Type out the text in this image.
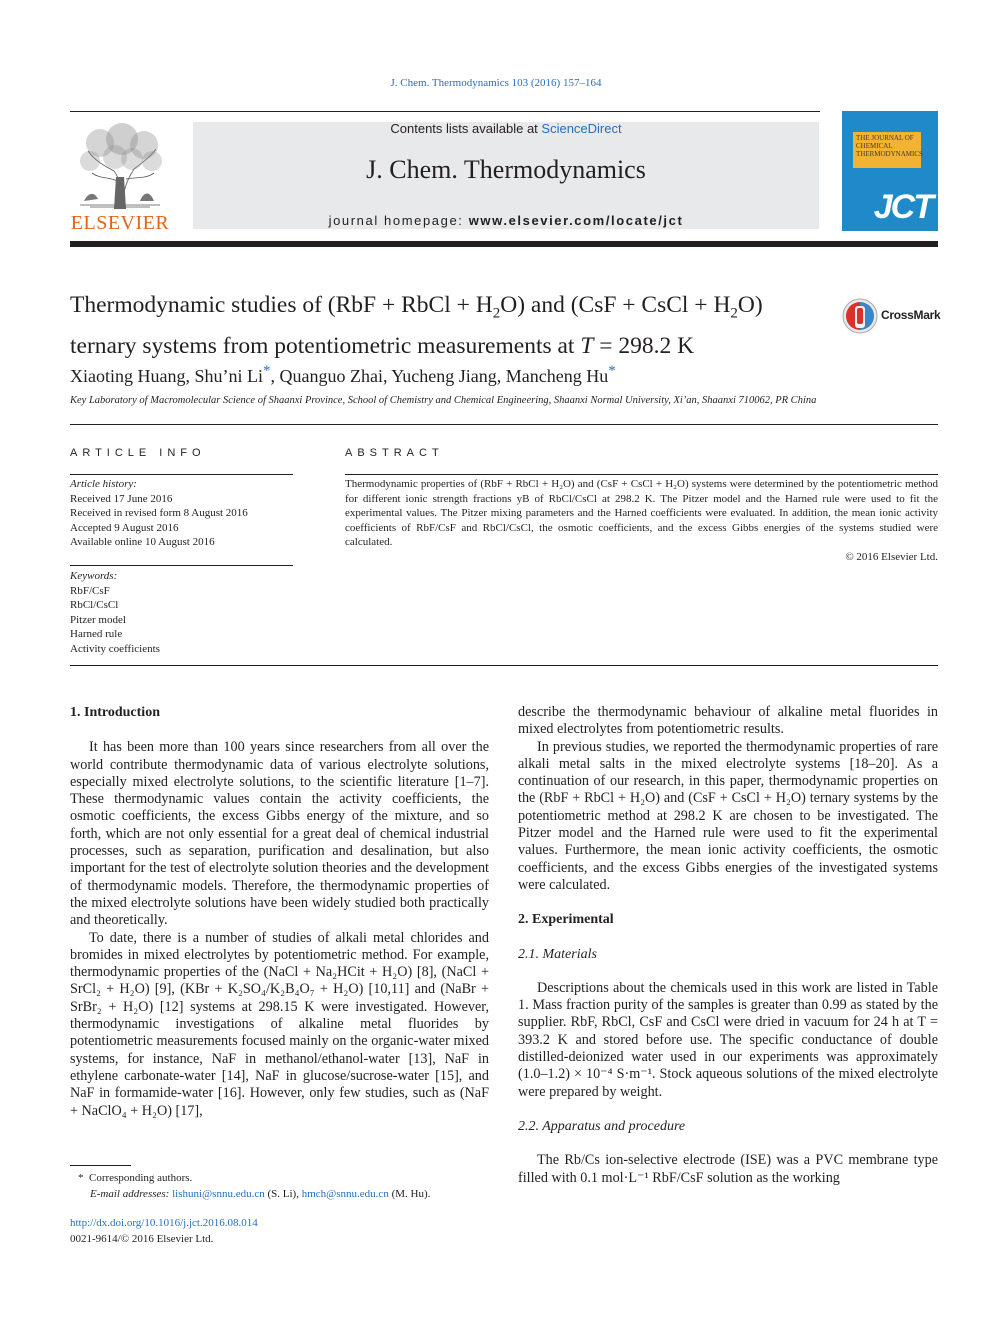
J. Chem. Thermodynamics 103 (2016) 157–164
Contents lists available at ScienceDirect
J. Chem. Thermodynamics
journal homepage: www.elsevier.com/locate/jct
ELSEVIER
THE JOURNAL OF CHEMICAL THERMODYNAMICS
JCT
Thermodynamic studies of (RbF + RbCl + $H_2O$) and (CsF + CsCl + $H_2O$)
ternary systems from potentiometric measurements at T = 298.2 K
CrossMark
Xiaoting Huang, Shu’ni Li*, Quanguo Zhai, Yucheng Jiang, Mancheng Hu*
Key Laboratory of Macromolecular Science of Shaanxi Province, School of Chemistry and Chemical Engineering, Shaanxi Normal University, Xi’an, Shaanxi 710062, PR China
ARTICLE INFO	ABSTRACT
Article history:
Received 17 June 2016
Received in revised form 8 August 2016
Accepted 9 August 2016
Available online 10 August 2016
Keywords:
RbF/CsF
RbCl/CsCl
Pitzer model
Harned rule
Activity coefficients
Thermodynamic properties of (RbF + RbCl + H₂O) and (CsF + CsCl + H₂O) systems were determined by the potentiometric method for different ionic strength fractions yB of RbCl/CsCl at 298.2 K. The Pitzer model and the Harned rule were used to fit the experimental values. The Pitzer mixing parameters and the Harned coefficients were evaluated. In addition, the mean ionic activity coefficients of RbF/CsF and RbCl/CsCl, the osmotic coefficients, and the excess Gibbs energies of the systems studied were calculated.
© 2016 Elsevier Ltd.
1. Introduction

It has been more than 100 years since researchers from all over the world contribute thermodynamic data of various electrolyte solutions, especially mixed electrolyte solutions, to the scientific literature [1–7]. These thermodynamic values contain the activity coefficients, the osmotic coefficients, the excess Gibbs energy of the mixture, and so forth, which are not only essential for a great deal of chemical industrial processes, such as separation, purification and desalination, but also important for the test of electrolyte solution theories and the development of thermodynamic models. Therefore, the thermodynamic properties of the mixed electrolyte solutions have been widely studied both practically and theoretically.

To date, there is a number of studies of alkali metal chlorides and bromides in mixed electrolytes by potentiometric method. For example, thermodynamic properties of the (NaCl + Na₂HCit + H₂O) [8], (NaCl + SrCl₂ + H₂O) [9], (KBr + K₂SO₄/K₂B₄O₇ + H₂O) [10,11] and (NaBr + SrBr₂ + H₂O) [12] systems at 298.15 K were investigated. However, thermodynamic investigations of alkaline metal fluorides by potentiometric measurements focused mainly on the organic-water mixed systems, for instance, NaF in methanol/ethanol-water [13], NaF in ethylene carbonate-water [14], NaF in glucose/sucrose-water [15], and NaF in formamide-water [16]. However, only few studies, such as (NaF + NaClO₄ + H₂O) [17],

describe the thermodynamic behaviour of alkaline metal fluorides in mixed electrolytes from potentiometric results.

In previous studies, we reported the thermodynamic properties of rare alkali metal salts in the mixed electrolyte systems [18–20]. As a continuation of our research, in this paper, thermodynamic properties on the (RbF + RbCl + H₂O) and (CsF + CsCl + H₂O) ternary systems by the potentiometric method at 298.2 K are chosen to be investigated. The Pitzer model and the Harned rule were used to fit the experimental values. Furthermore, the mean ionic activity coefficients, the osmotic coefficients, and the excess Gibbs energies of the investigated systems were calculated.

2. Experimental
2.1. Materials

Descriptions about the chemicals used in this work are listed in Table 1. Mass fraction purity of the samples is greater than 0.99 as stated by the supplier. RbF, RbCl, CsF and CsCl were dried in vacuum for 24 h at T = 393.2 K and stored before use. The specific conductance of double distilled-deionized water used in our experiments was approximately (1.0–1.2) × 10⁻⁴ S·m⁻¹. Stock aqueous solutions of the mixed electrolyte were prepared by weight.

2.2. Apparatus and procedure

The Rb/Cs ion-selective electrode (ISE) was a PVC membrane type filled with 0.1 mol·L⁻¹ RbF/CsF solution as the working

* Corresponding authors.
E-mail addresses: lishuni@snnu.edu.cn (S. Li), hmch@snnu.edu.cn (M. Hu).
http://dx.doi.org/10.1016/j.jct.2016.08.014
0021-9614/© 2016 Elsevier Ltd.
